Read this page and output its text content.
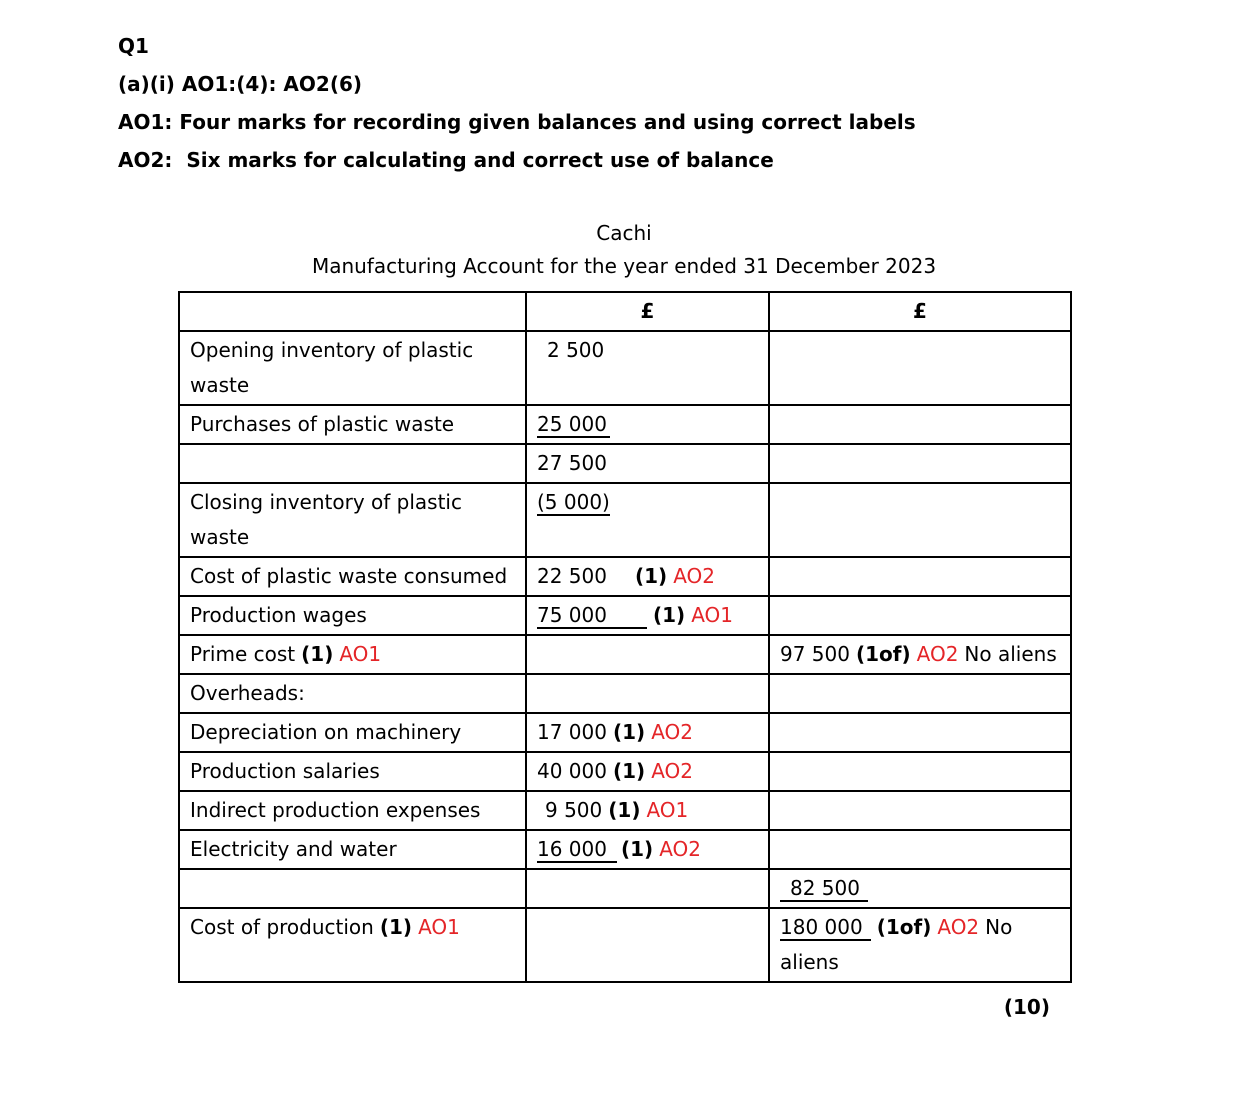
Q1
(a)(i) AO1:(4): AO2(6)
AO1: Four marks for recording given balances and using correct labels
AO2:  Six marks for calculating and correct use of balance
Cachi
Manufacturing Account for the year ended 31 December 2023
	£	£
Opening inventory of plastic waste	2 500	
Purchases of plastic waste	25 000	
	27 500	
Closing inventory of plastic waste	(5 000)	
Cost of plastic waste consumed	22 500 (1) AO2	
Production wages	75 000 (1) AO1	
Prime cost (1) AO1		97 500 (1of) AO2 No aliens
Overheads:		
Depreciation on machinery	17 000 (1) AO2	
Production salaries	40 000 (1) AO2	
Indirect production expenses	9 500 (1) AO1	
Electricity and water	16 000 (1) AO2	
		82 500
Cost of production (1) AO1		180 000 (1of) AO2 No aliens
(10)
